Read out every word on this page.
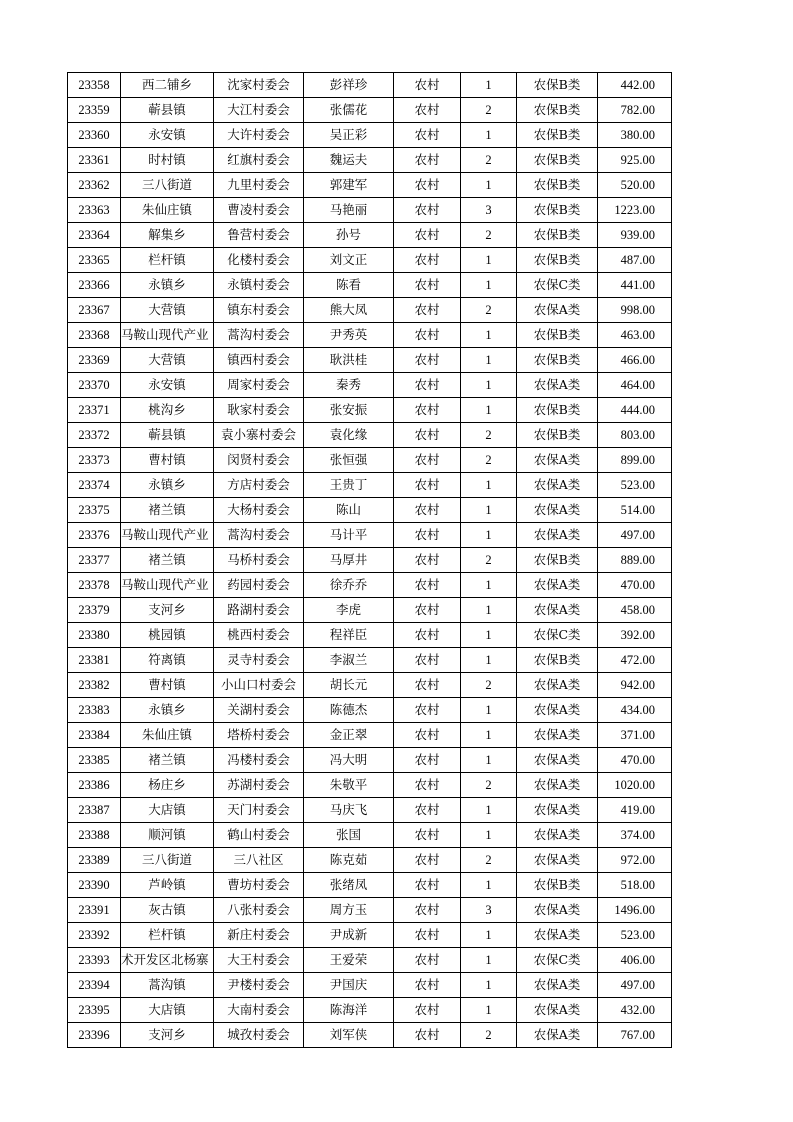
23358	西二铺乡	沈家村委会	彭祥珍	农村	1	农保B类	442.00
23359	蕲县镇	大江村委会	张儒花	农村	2	农保B类	782.00
23360	永安镇	大许村委会	吴正彩	农村	1	农保B类	380.00
23361	时村镇	红旗村委会	魏运夫	农村	2	农保B类	925.00
23362	三八街道	九里村委会	郭建军	农村	1	农保B类	520.00
23363	朱仙庄镇	曹凌村委会	马艳丽	农村	3	农保B类	1223.00
23364	解集乡	鲁营村委会	孙号	农村	2	农保B类	939.00
23365	栏杆镇	化楼村委会	刘文正	农村	1	农保B类	487.00
23366	永镇乡	永镇村委会	陈看	农村	1	农保C类	441.00
23367	大营镇	镇东村委会	熊大凤	农村	2	农保A类	998.00
23368	马鞍山现代产业	蒿沟村委会	尹秀英	农村	1	农保B类	463.00
23369	大营镇	镇西村委会	耿洪桂	农村	1	农保B类	466.00
23370	永安镇	周家村委会	秦秀	农村	1	农保A类	464.00
23371	桃沟乡	耿家村委会	张安振	农村	1	农保B类	444.00
23372	蕲县镇	袁小寨村委会	袁化缘	农村	2	农保B类	803.00
23373	曹村镇	闵贤村委会	张恒强	农村	2	农保A类	899.00
23374	永镇乡	方店村委会	王贵丁	农村	1	农保A类	523.00
23375	褚兰镇	大杨村委会	陈山	农村	1	农保A类	514.00
23376	马鞍山现代产业	蒿沟村委会	马计平	农村	1	农保A类	497.00
23377	褚兰镇	马桥村委会	马厚井	农村	2	农保B类	889.00
23378	马鞍山现代产业	药园村委会	徐乔乔	农村	1	农保A类	470.00
23379	支河乡	路湖村委会	李虎	农村	1	农保A类	458.00
23380	桃园镇	桃西村委会	程祥臣	农村	1	农保C类	392.00
23381	符离镇	灵寺村委会	李淑兰	农村	1	农保B类	472.00
23382	曹村镇	小山口村委会	胡长元	农村	2	农保A类	942.00
23383	永镇乡	关湖村委会	陈德杰	农村	1	农保A类	434.00
23384	朱仙庄镇	塔桥村委会	金正翠	农村	1	农保A类	371.00
23385	褚兰镇	冯楼村委会	冯大明	农村	1	农保A类	470.00
23386	杨庄乡	苏湖村委会	朱敬平	农村	2	农保A类	1020.00
23387	大店镇	天门村委会	马庆飞	农村	1	农保A类	419.00
23388	顺河镇	鹤山村委会	张国	农村	1	农保A类	374.00
23389	三八街道	三八社区	陈克茹	农村	2	农保A类	972.00
23390	芦岭镇	曹坊村委会	张绪凤	农村	1	农保B类	518.00
23391	灰古镇	八张村委会	周方玉	农村	3	农保A类	1496.00
23392	栏杆镇	新庄村委会	尹成新	农村	1	农保A类	523.00
23393	术开发区北杨寨	大王村委会	王爱荣	农村	1	农保C类	406.00
23394	蒿沟镇	尹楼村委会	尹国庆	农村	1	农保A类	497.00
23395	大店镇	大南村委会	陈海洋	农村	1	农保A类	432.00
23396	支河乡	城孜村委会	刘军侠	农村	2	农保A类	767.00
